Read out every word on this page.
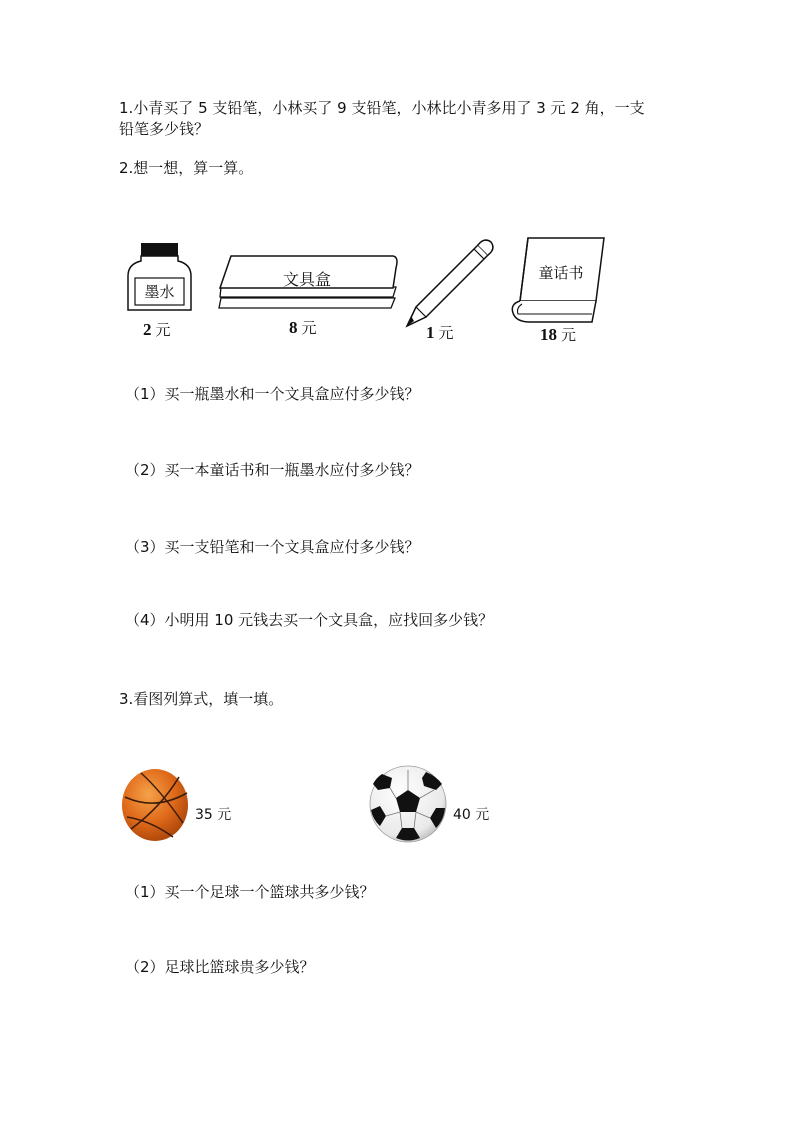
1.小青买了 5 支铅笔，小林买了 9 支铅笔，小林比小青多用了 3 元 2 角，一支
铅笔多少钱？
2.想一想，算一算。
墨水
2 元
文具盒
8 元	1 元
童话书
18 元
（1）买一瓶墨水和一个文具盒应付多少钱？
（2）买一本童话书和一瓶墨水应付多少钱？
（3）买一支铅笔和一个文具盒应付多少钱？
（4）小明用 10 元钱去买一个文具盒，应找回多少钱？
3.看图列算式，填一填。
35 元	40 元
（1）买一个足球一个篮球共多少钱？
（2）足球比篮球贵多少钱？
